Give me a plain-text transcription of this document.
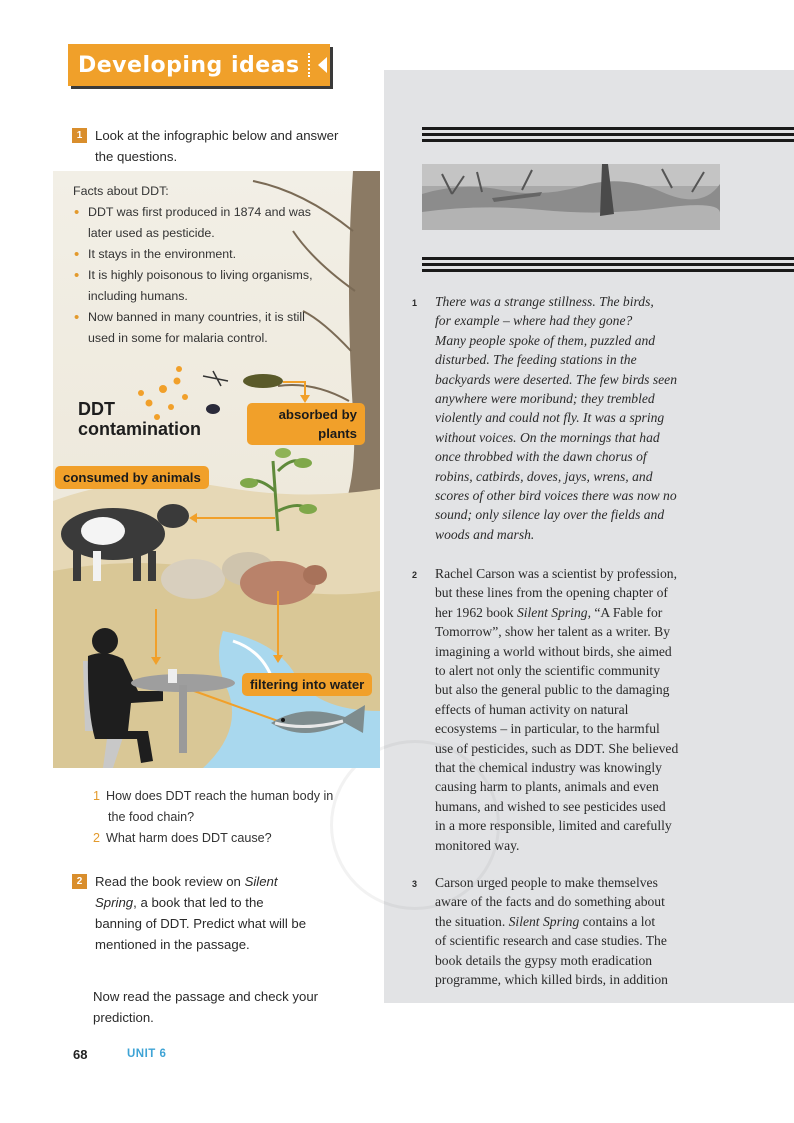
Developing ideas
1 There was a strange stillness. The birds,
for example – where had they gone?
Many people spoke of them, puzzled and
disturbed. The feeding stations in the
backyards were deserted. The few birds seen
anywhere were moribund; they trembled
violently and could not fly. It was a spring
without voices. On the mornings that had
once throbbed with the dawn chorus of
robins, catbirds, doves, jays, wrens, and
scores of other bird voices there was now no
sound; only silence lay over the fields and
woods and marsh.
2 Rachel Carson was a scientist by profession,
but these lines from the opening chapter of
her 1962 book Silent Spring, “A Fable for
Tomorrow”, show her talent as a writer. By
imagining a world without birds, she aimed
to alert not only the scientific community
but also the general public to the damaging
effects of human activity on natural
ecosystems – in particular, to the harmful
use of pesticides, such as DDT. She believed
that the chemical industry was knowingly
causing harm to plants, animals and even
humans, and wished to see pesticides used
in a more responsible, limited and carefully
monitored way.
3 Carson urged people to make themselves
aware of the facts and do something about
the situation. Silent Spring contains a lot
of scientific research and case studies. The
book details the gypsy moth eradication
programme, which killed birds, in addition
1 Look at the infographic below and answer
the questions.
Facts about DDT:
• DDT was first produced in 1874 and was
later used as pesticide.
• It stays in the environment.
• It is highly poisonous to living organisms,
including humans.
• Now banned in many countries, it is still
used in some for malaria control.
DDT
contamination
absorbed by
plants
consumed by animals
filtering into water
1 How does DDT reach the human body in
the food chain?
2 What harm does DDT cause?
2 Read the book review on Silent
Spring, a book that led to the
banning of DDT. Predict what will be
mentioned in the passage.
Now read the passage and check your
prediction.
68	UNIT 6
